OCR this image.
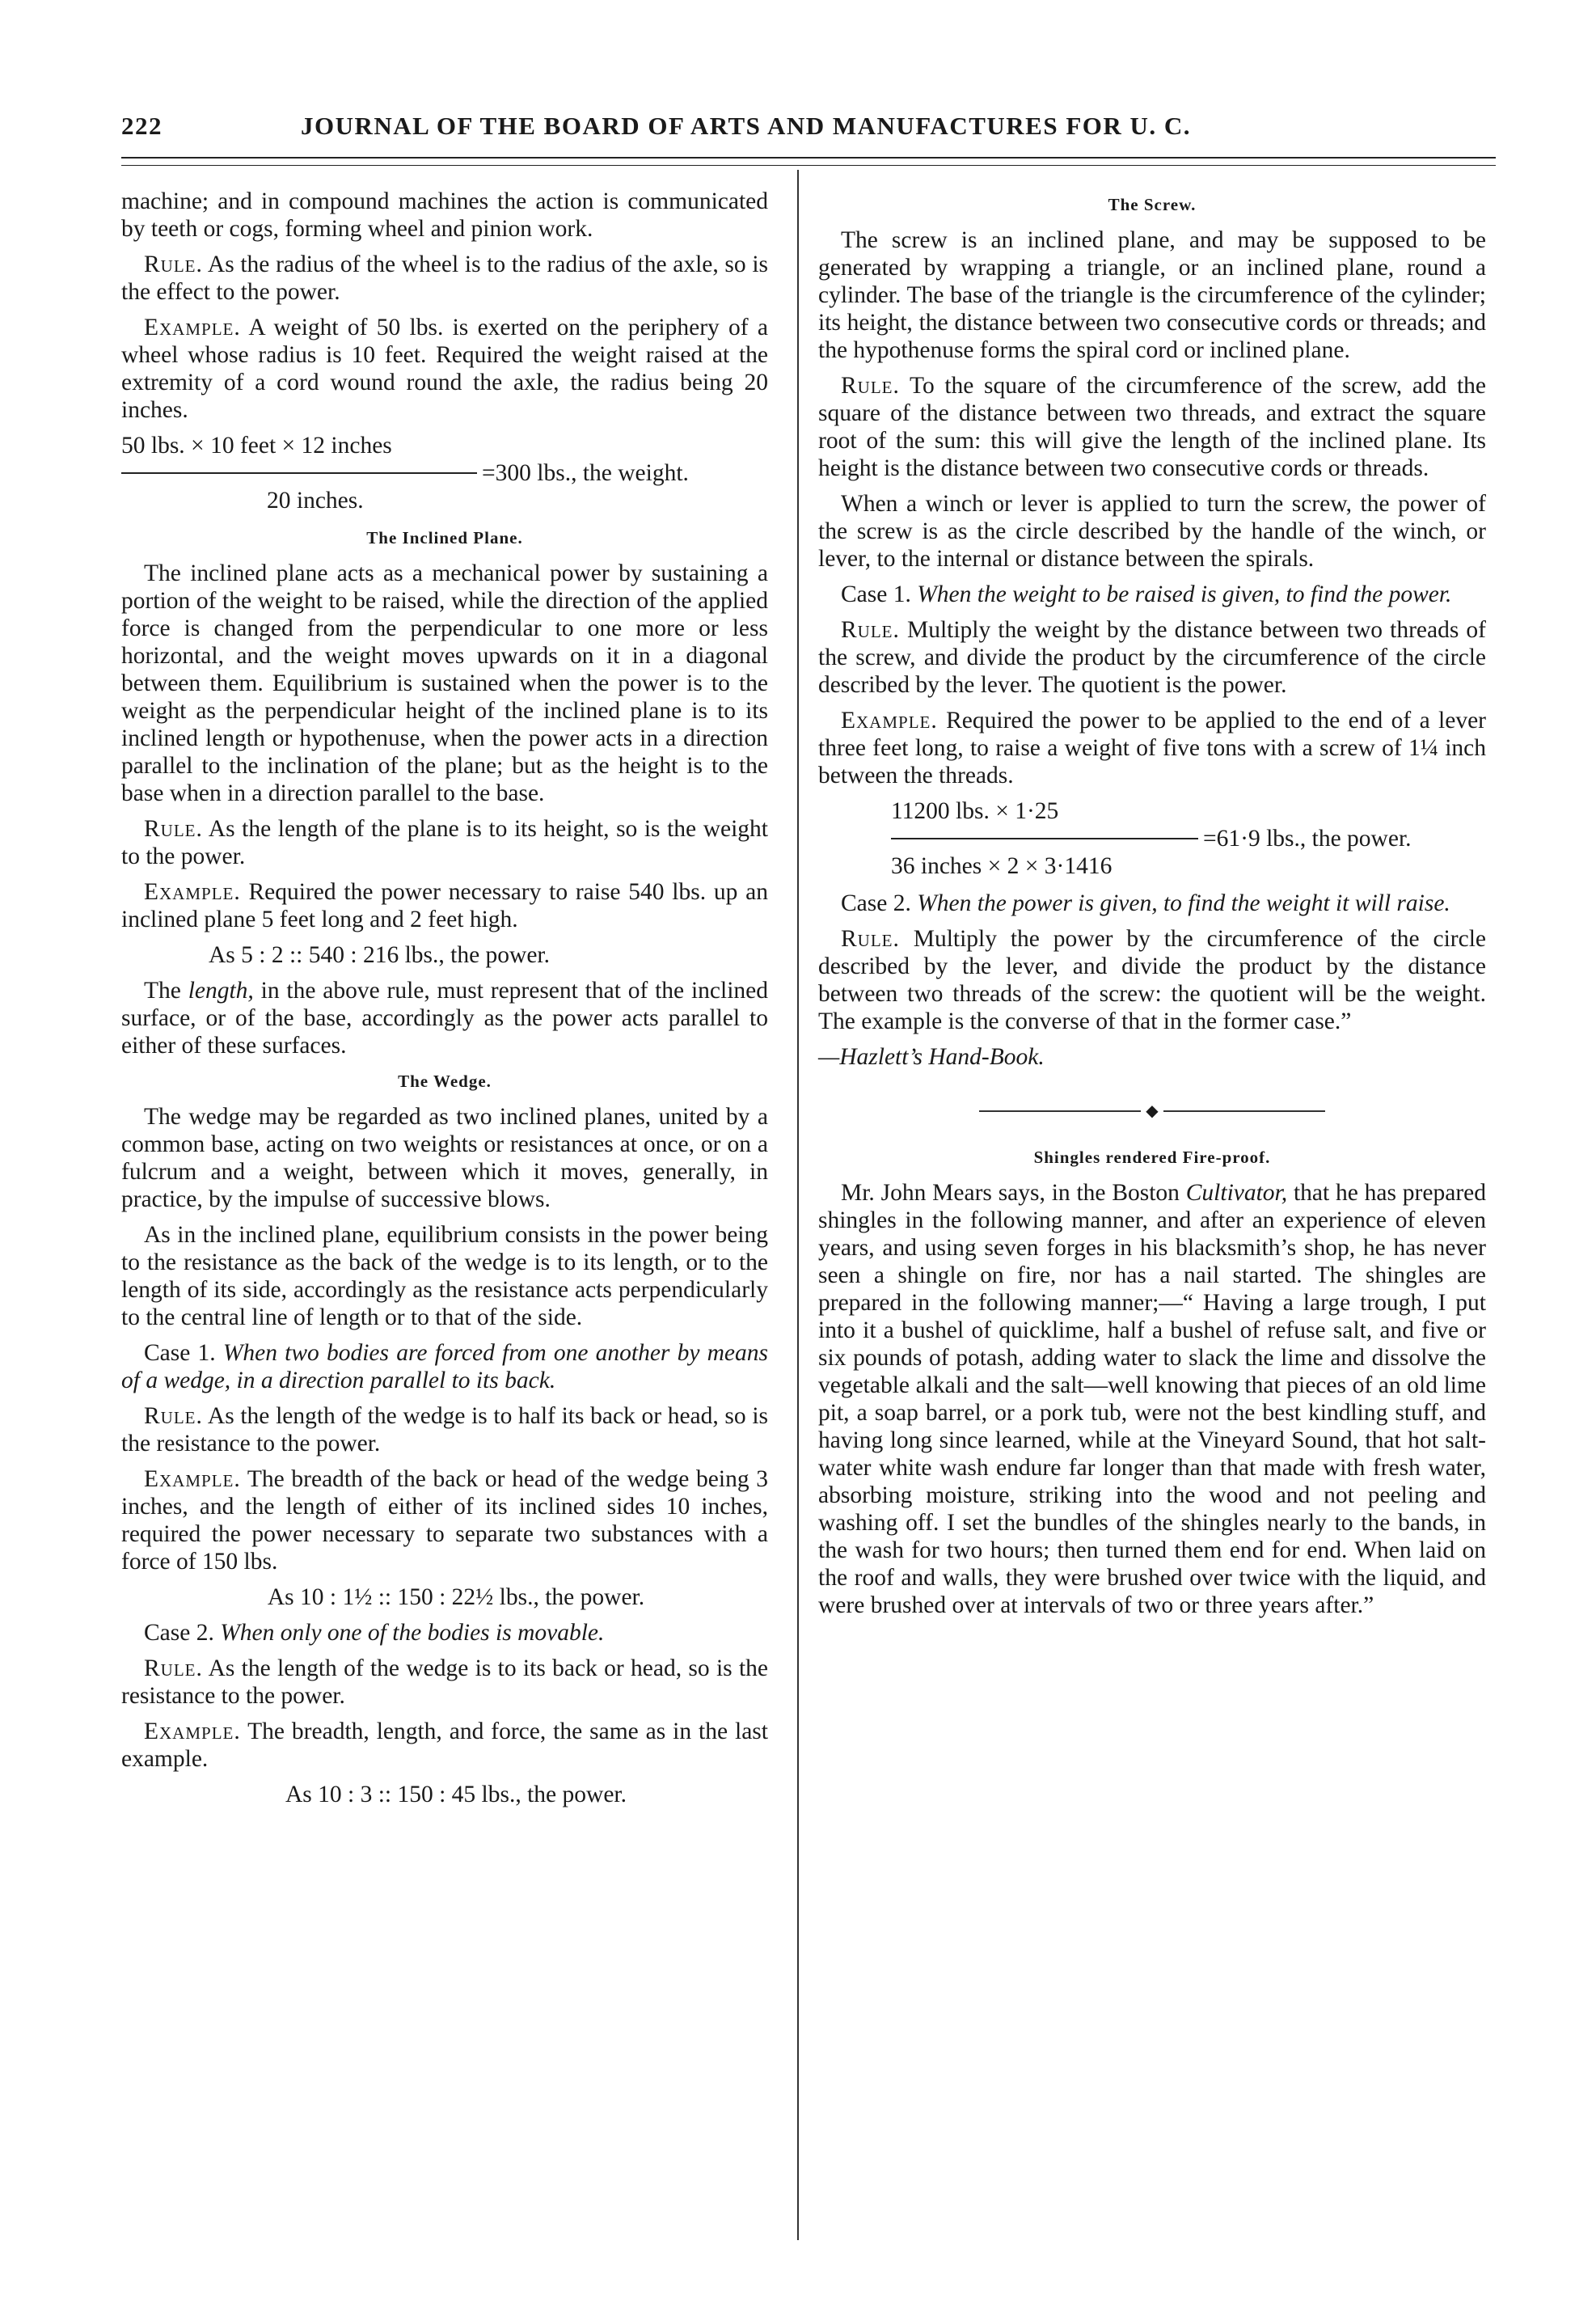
222	JOURNAL OF THE BOARD OF ARTS AND MANUFACTURES FOR U. C.

machine; and in compound machines the action is communicated by teeth or cogs, forming wheel and pinion work.

Rule. As the radius of the wheel is to the radius of the axle, so is the effect to the power.

Example. A weight of 50 lbs. is exerted on the periphery of a wheel whose radius is 10 feet. Required the weight raised at the extremity of a cord wound round the axle, the radius being 20 inches.

50 lbs. × 10 feet × 12 inches
=300 lbs., the weight.
20 inches.
The Inclined Plane.

The inclined plane acts as a mechanical power by sustaining a portion of the weight to be raised, while the direction of the applied force is changed from the perpendicular to one more or less horizontal, and the weight moves upwards on it in a diagonal between them. Equilibrium is sustained when the power is to the weight as the perpendicular height of the inclined plane is to its inclined length or hypothenuse, when the power acts in a direction parallel to the inclination of the plane; but as the height is to the base when in a direction parallel to the base.

Rule. As the length of the plane is to its height, so is the weight to the power.

Example. Required the power necessary to raise 540 lbs. up an inclined plane 5 feet long and 2 feet high.

As 5 : 2 :: 540 : 216 lbs., the power.

The length, in the above rule, must represent that of the inclined surface, or of the base, accordingly as the power acts parallel to either of these surfaces.

The Wedge.

The wedge may be regarded as two inclined planes, united by a common base, acting on two weights or resistances at once, or on a fulcrum and a weight, between which it moves, generally, in practice, by the impulse of successive blows.

As in the inclined plane, equilibrium consists in the power being to the resistance as the back of the wedge is to its length, or to the length of its side, accordingly as the resistance acts perpendicularly to the central line of length or to that of the side.

Case 1. When two bodies are forced from one another by means of a wedge, in a direction parallel to its back.

Rule. As the length of the wedge is to half its back or head, so is the resistance to the power.

Example. The breadth of the back or head of the wedge being 3 inches, and the length of either of its inclined sides 10 inches, required the power necessary to separate two substances with a force of 150 lbs.

As 10 : 1½ :: 150 : 22½ lbs., the power.

Case 2. When only one of the bodies is movable.

Rule. As the length of the wedge is to its back or head, so is the resistance to the power.

Example. The breadth, length, and force, the same as in the last example.

As 10 : 3 :: 150 : 45 lbs., the power.

The Screw.

The screw is an inclined plane, and may be supposed to be generated by wrapping a triangle, or an inclined plane, round a cylinder. The base of the triangle is the circumference of the cylinder; its height, the distance between two consecutive cords or threads; and the hypothenuse forms the spiral cord or inclined plane.

Rule. To the square of the circumference of the screw, add the square of the distance between two threads, and extract the square root of the sum: this will give the length of the inclined plane. Its height is the distance between two consecutive cords or threads.

When a winch or lever is applied to turn the screw, the power of the screw is as the circle described by the handle of the winch, or lever, to the internal or distance between the spirals.

Case 1. When the weight to be raised is given, to find the power.

Rule. Multiply the weight by the distance between two threads of the screw, and divide the product by the circumference of the circle described by the lever. The quotient is the power.

Example. Required the power to be applied to the end of a lever three feet long, to raise a weight of five tons with a screw of 1¼ inch between the threads.

11200 lbs. × 1·25
=61·9 lbs., the power.
36 inches × 2 × 3·1416

Case 2. When the power is given, to find the weight it will raise.

Rule. Multiply the power by the circumference of the circle described by the lever, and divide the product by the distance between two threads of the screw: the quotient will be the weight. The example is the converse of that in the former case.”

—Hazlett’s Hand-Book.

◆
Shingles rendered Fire-proof.

Mr. John Mears says, in the Boston Cultivator, that he has prepared shingles in the following manner, and after an experience of eleven years, and using seven forges in his blacksmith’s shop, he has never seen a shingle on fire, nor has a nail started. The shingles are prepared in the following manner;—“ Having a large trough, I put into it a bushel of quicklime, half a bushel of refuse salt, and five or six pounds of potash, adding water to slack the lime and dissolve the vegetable alkali and the salt—well knowing that pieces of an old lime pit, a soap barrel, or a pork tub, were not the best kindling stuff, and having long since learned, while at the Vineyard Sound, that hot salt-water white wash endure far longer than that made with fresh water, absorbing moisture, striking into the wood and not peeling and washing off. I set the bundles of the shingles nearly to the bands, in the wash for two hours; then turned them end for end. When laid on the roof and walls, they were brushed over twice with the liquid, and were brushed over at intervals of two or three years after.”
